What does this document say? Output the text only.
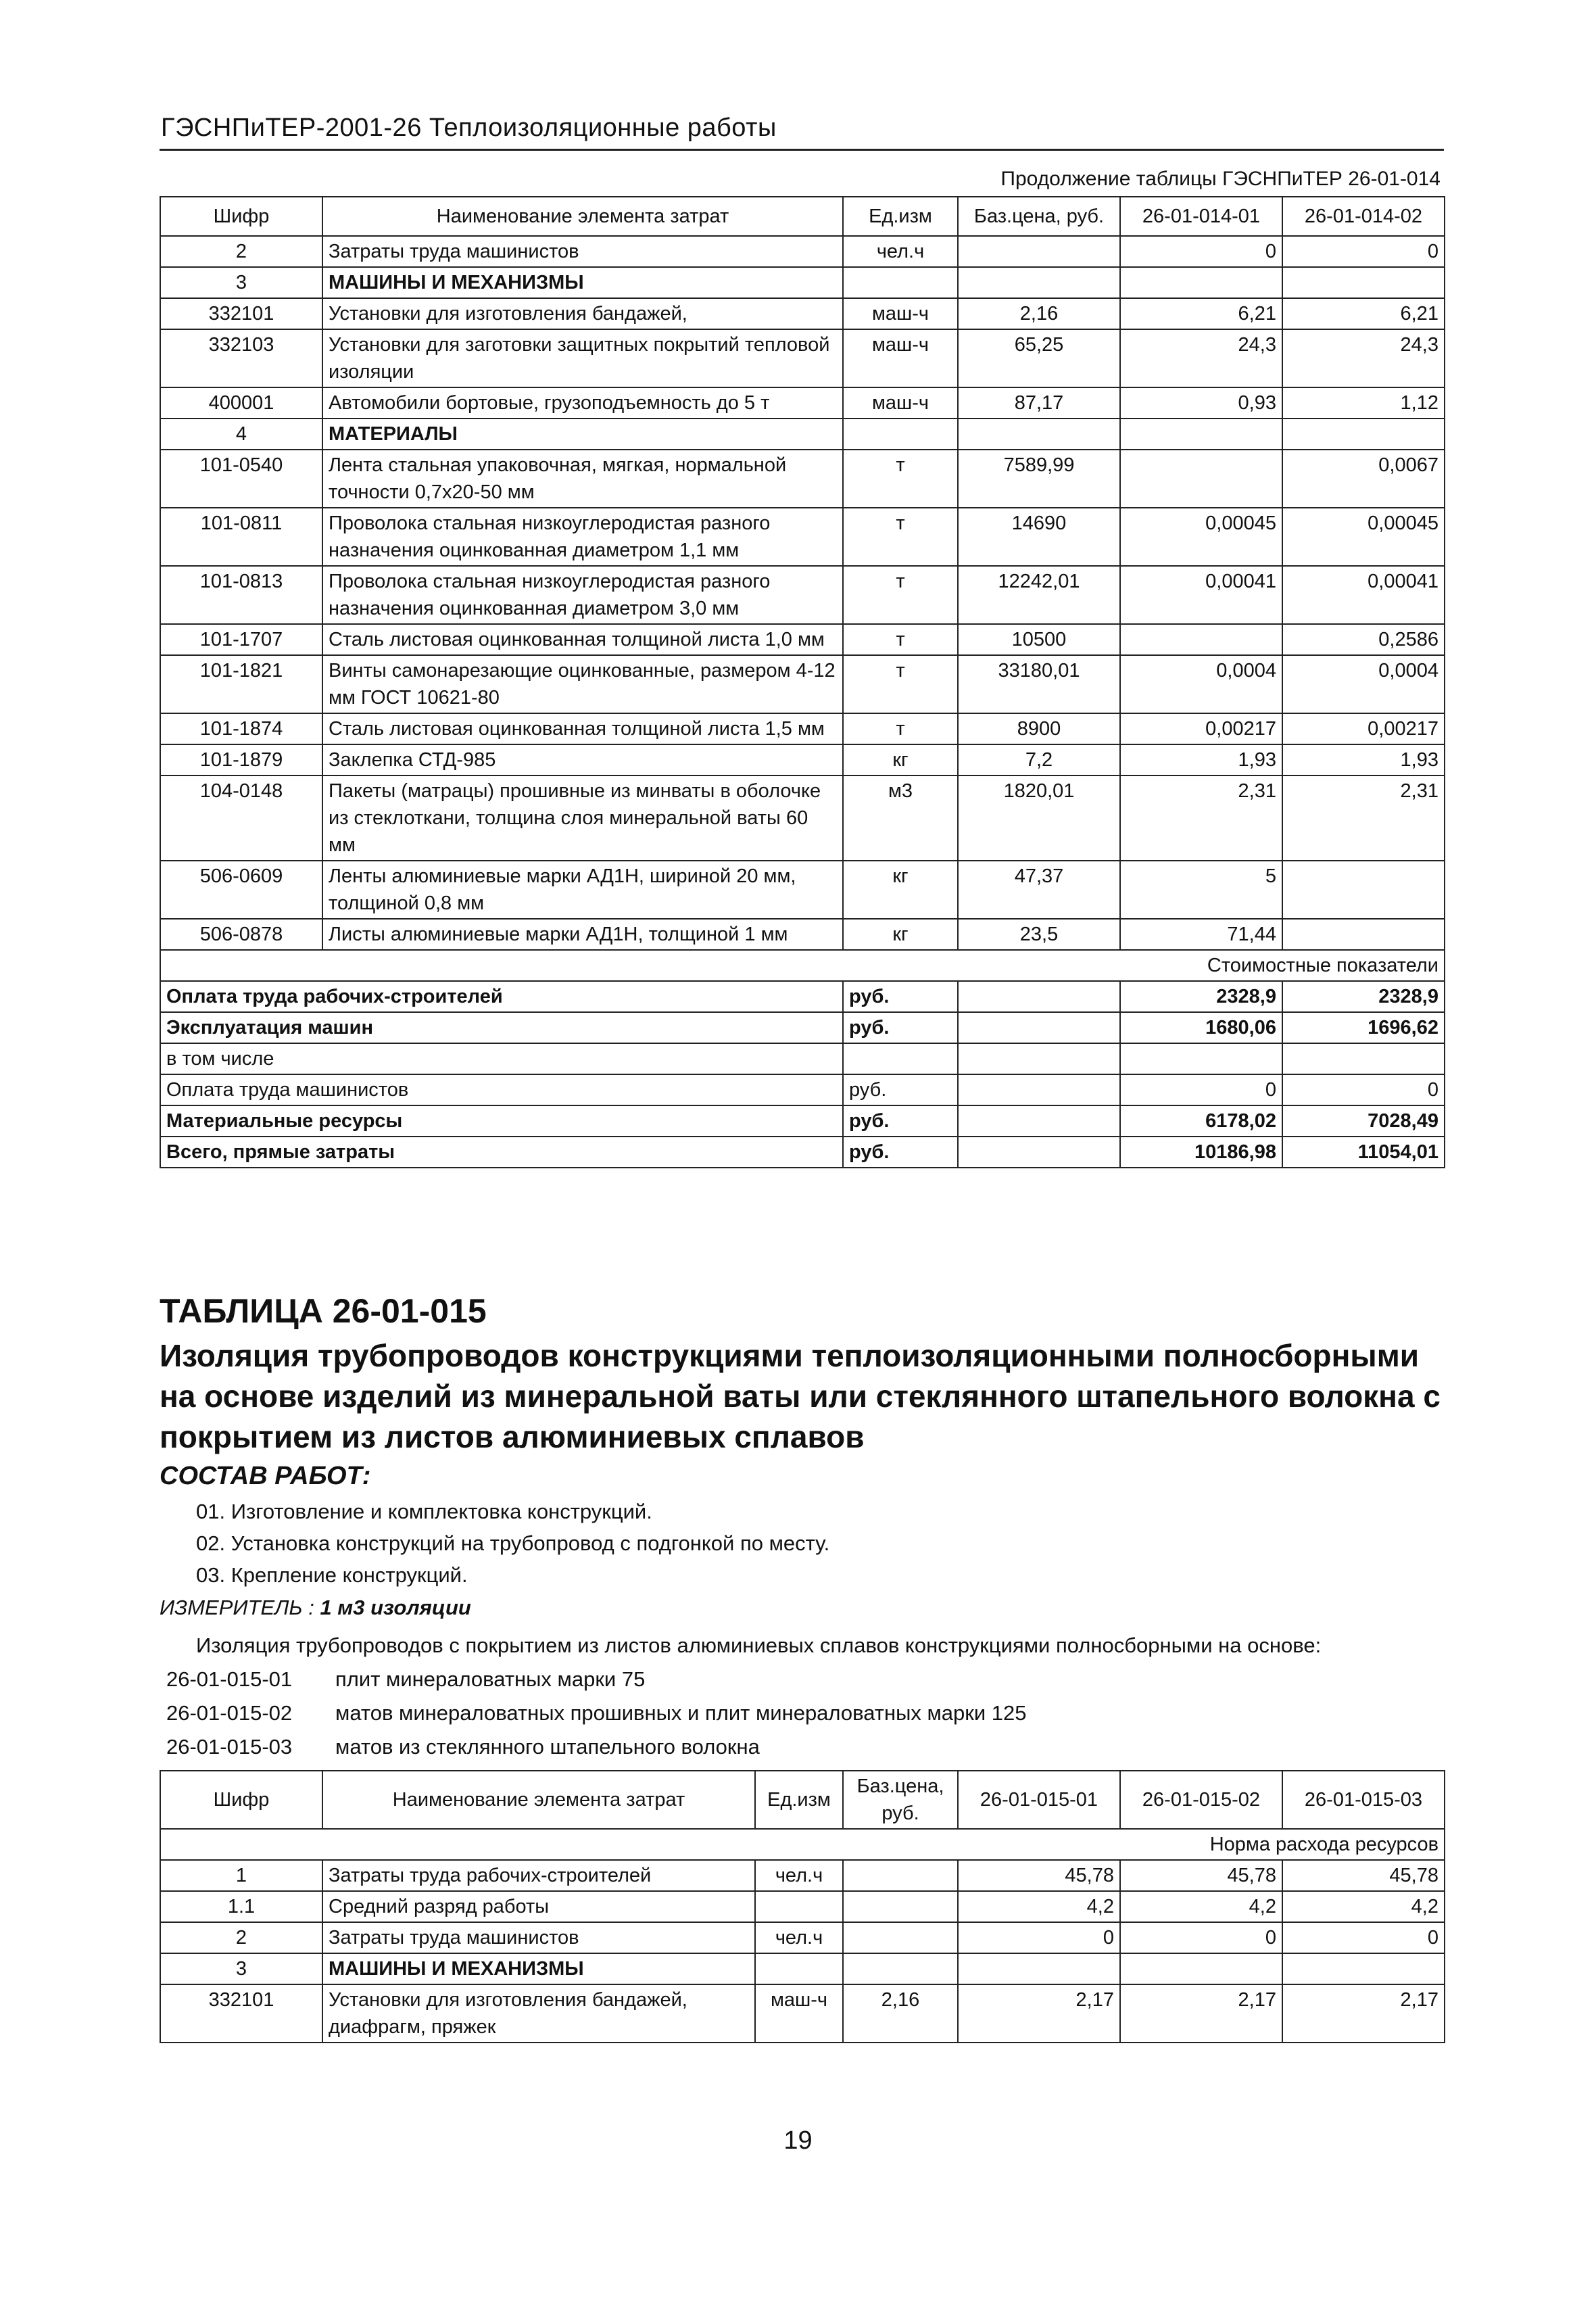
ГЭСНПиТЕР-2001-26 Теплоизоляционные работы
Продолжение таблицы ГЭСНПиТЕР 26-01-014
Шифр	Наименование элемента затрат	Ед.изм	Баз.цена, руб.	26-01-014-01	26-01-014-02
2	Затраты труда машинистов	чел.ч		0	0
3	МАШИНЫ И МЕХАНИЗМЫ				
332101	Установки для изготовления бандажей,	маш-ч	2,16	6,21	6,21
332103	Установки для заготовки защитных покрытий тепловой изоляции	маш-ч	65,25	24,3	24,3
400001	Автомобили бортовые, грузоподъемность до 5 т	маш-ч	87,17	0,93	1,12
4	МАТЕРИАЛЫ				
101-0540	Лента стальная упаковочная, мягкая, нормальной точности 0,7x20-50 мм	т	7589,99		0,0067
101-0811	Проволока стальная низкоуглеродистая разного назначения оцинкованная диаметром 1,1 мм	т	14690	0,00045	0,00045
101-0813	Проволока стальная низкоуглеродистая разного назначения оцинкованная диаметром 3,0 мм	т	12242,01	0,00041	0,00041
101-1707	Сталь листовая оцинкованная толщиной листа 1,0 мм	т	10500		0,2586
101-1821	Винты самонарезающие оцинкованные, размером 4-12 мм ГОСТ 10621-80	т	33180,01	0,0004	0,0004
101-1874	Сталь листовая оцинкованная толщиной листа 1,5 мм	т	8900	0,00217	0,00217
101-1879	Заклепка СТД-985	кг	7,2	1,93	1,93
104-0148	Пакеты (матрацы) прошивные из минваты в оболочке из стеклоткани, толщина слоя минеральной ваты 60 мм	м3	1820,01	2,31	2,31
506-0609	Ленты алюминиевые марки АД1Н, шириной 20 мм, толщиной 0,8 мм	кг	47,37	5	
506-0878	Листы алюминиевые марки АД1Н, толщиной 1 мм	кг	23,5	71,44	
Стоимостные показатели					
Оплата труда рабочих-строителей		руб.		2328,9	2328,9
Эксплуатация машин		руб.		1680,06	1696,62
в том числе					
Оплата труда машинистов		руб.		0	0
Материальные ресурсы		руб.		6178,02	7028,49
Всего, прямые затраты		руб.		10186,98	11054,01
ТАБЛИЦА 26-01-015
Изоляция трубопроводов конструкциями теплоизоляционными полносборными на основе изделий из минеральной ваты или стеклянного штапельного волокна с покрытием из листов алюминиевых сплавов
СОСТАВ РАБОТ:
01. Изготовление и комплектовка конструкций.
02. Установка конструкций на трубопровод с подгонкой по месту.
03. Крепление конструкций.
ИЗМЕРИТЕЛЬ : 1 м3 изоляции
Изоляция трубопроводов с покрытием из листов алюминиевых сплавов конструкциями полносборными на основе:
26-01-015-01 плит минераловатных марки 75
26-01-015-02 матов минераловатных прошивных и плит минераловатных марки 125
26-01-015-03 матов из стеклянного штапельного волокна
Шифр	Наименование элемента затрат	Ед.изм	Баз.цена, руб.	26-01-015-01	26-01-015-02	26-01-015-03
Норма расхода ресурсов						
1	Затраты труда рабочих-строителей	чел.ч		45,78	45,78	45,78
1.1	Средний разряд работы			4,2	4,2	4,2
2	Затраты труда машинистов	чел.ч		0	0	0
3	МАШИНЫ И МЕХАНИЗМЫ					
332101	Установки для изготовления бандажей, диафрагм, пряжек	маш-ч	2,16	2,17	2,17	2,17
19
